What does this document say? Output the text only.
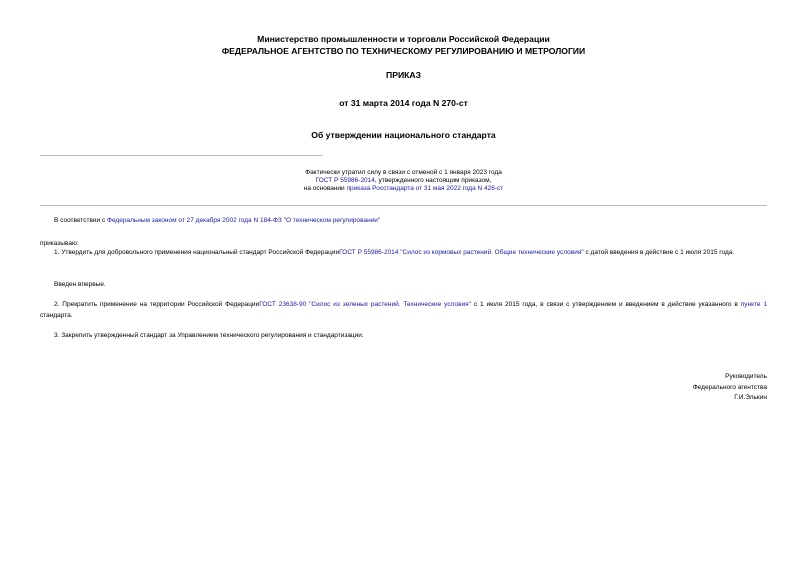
Министерство промышленности и торговли Российской Федерации
ФЕДЕРАЛЬНОЕ АГЕНТСТВО ПО ТЕХНИЧЕСКОМУ РЕГУЛИРОВАНИЮ И МЕТРОЛОГИИ
ПРИКАЗ
от 31 марта 2014 года N 270-ст
Об утверждении национального стандарта
Фактически утратил силу в связи с отменой с 1 января 2023 года
ГОСТ Р 55986-2014, утвержденного настоящим приказом,
на основании приказа Росстандарта от 31 мая 2022 года N 428-ст
В соответствии с Федеральным законом от 27 декабря 2002 года N 184-ФЗ "О техническом регулировании"
приказываю:
1. Утвердить для добровольного применения национальный стандарт Российской ФедерацииГОСТ Р 55986-2014 "Силос из кормовых растений. Общие технические условия" с датой введения в действие с 1 июля 2015 года.
Введен впервые.
2. Прекратить применение на территории Российской ФедерацииГОСТ 23638-90 "Силос из зеленых растений. Технические условия" с 1 июля 2015 года, в связи с утверждением и введением в действие указанного в пункте 1 стандарта.
3. Закрепить утвержденный стандарт за Управлением технического регулирования и стандартизации.
Руководитель
Федерального агентства
Г.И.Элькин
